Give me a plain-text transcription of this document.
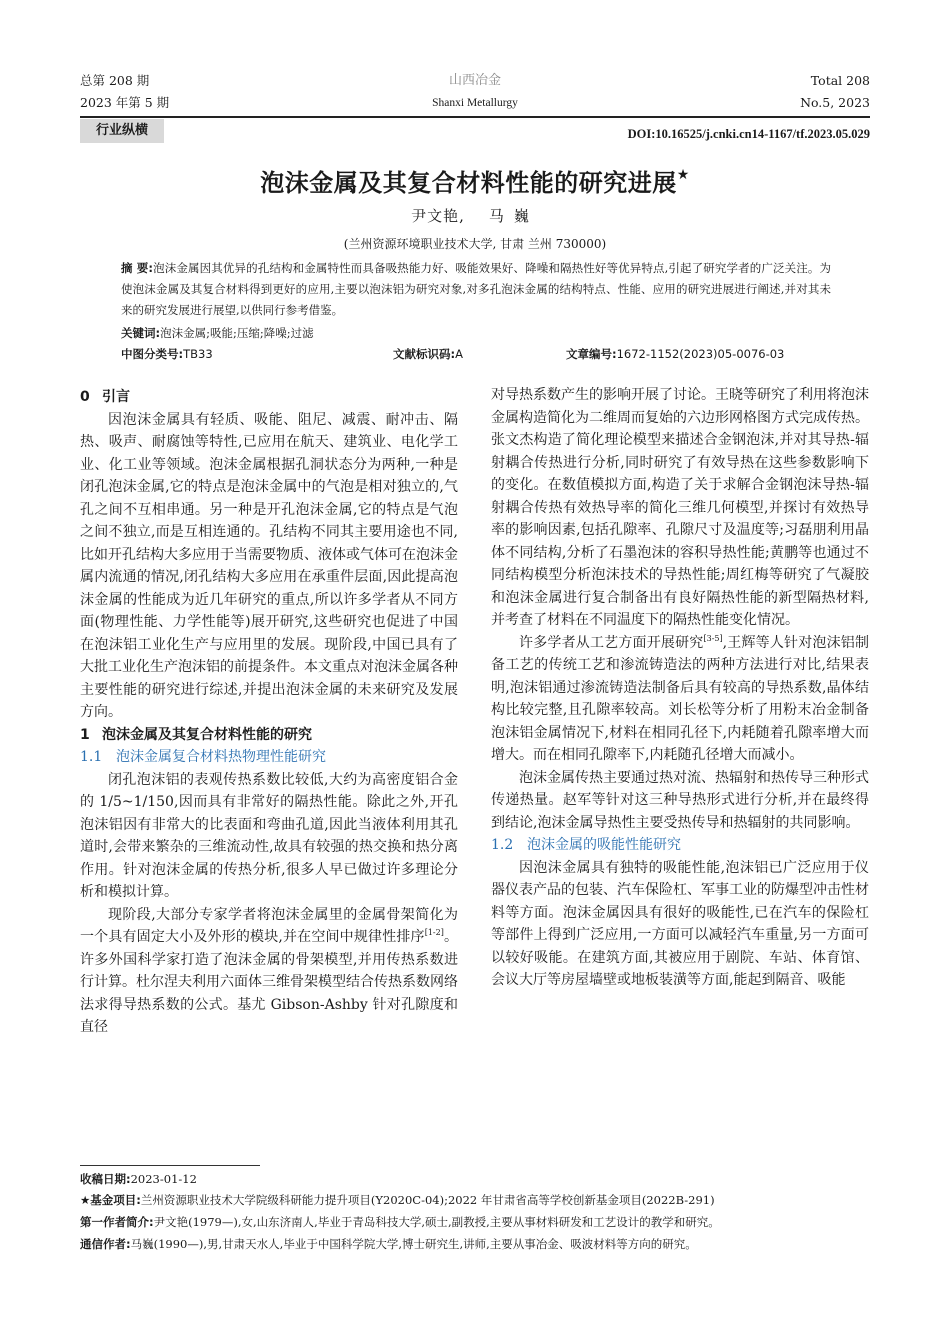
总第 208 期
2023 年第 5 期
山西冶金
Shanxi Metallurgy
Total 208
No.5, 2023
行业纵横	DOI:10.16525/j.cnki.cn14-1167/tf.2023.05.029
泡沫金属及其复合材料性能的研究进展★
尹文艳, 马巍
(兰州资源环境职业技术大学, 甘肃 兰州 730000)
摘 要:泡沫金属因其优异的孔结构和金属特性而具备吸热能力好、吸能效果好、降噪和隔热性好等优异特点,引起了研究学者的广泛关注。为使泡沫金属及其复合材料得到更好的应用,主要以泡沫铝为研究对象,对多孔泡沫金属的结构特点、性能、应用的研究进展进行阐述,并对其未来的研究发展进行展望,以供同行参考借鉴。
关键词:泡沫金属;吸能;压缩;降噪;过滤
中图分类号:TB33	文献标识码:A	文章编号:1672-1152(2023)05-0076-03
0 引言

因泡沫金属具有轻质、吸能、阻尼、减震、耐冲击、隔热、吸声、耐腐蚀等特性,已应用在航天、建筑业、电化学工业、化工业等领域。泡沫金属根据孔洞状态分为两种,一种是闭孔泡沫金属,它的特点是泡沫金属中的气泡是相对独立的,气孔之间不互相串通。另一种是开孔泡沫金属,它的特点是气泡之间不独立,而是互相连通的。孔结构不同其主要用途也不同,比如开孔结构大多应用于当需要物质、液体或气体可在泡沫金属内流通的情况,闭孔结构大多应用在承重件层面,因此提高泡沫金属的性能成为近几年研究的重点,所以许多学者从不同方面(物理性能、力学性能等)展开研究,这些研究也促进了中国在泡沫铝工业化生产与应用里的发展。现阶段,中国已具有了大批工业化生产泡沫铝的前提条件。本文重点对泡沫金属各种主要性能的研究进行综述,并提出泡沫金属的未来研究及发展方向。

1 泡沫金属及其复合材料性能的研究
1.1 泡沫金属复合材料热物理性能研究

闭孔泡沫铝的表观传热系数比较低,大约为高密度铝合金的 1/5~1/150,因而具有非常好的隔热性能。除此之外,开孔泡沫铝因有非常大的比表面和弯曲孔道,因此当液体利用其孔道时,会带来繁杂的三维流动性,故具有较强的热交换和热分离作用。针对泡沫金属的传热分析,很多人早已做过许多理论分析和模拟计算。

现阶段,大部分专家学者将泡沫金属里的金属骨架简化为一个具有固定大小及外形的模块,并在空间中规律性排序[1-2]。许多外国科学家打造了泡沫金属的骨架模型,并用传热系数进行计算。杜尔涅夫利用六面体三维骨架模型结合传热系数网络法求得导热系数的公式。基尤 Gibson-Ashby 针对孔隙度和直径

对导热系数产生的影响开展了讨论。王晓等研究了利用将泡沫金属构造简化为二维周而复始的六边形网格图方式完成传热。张文杰构造了简化理论模型来描述合金钢泡沫,并对其导热-辐射耦合传热进行分析,同时研究了有效导热在这些参数影响下的变化。在数值模拟方面,构造了关于求解合金钢泡沫导热-辐射耦合传热有效热导率的简化三维几何模型,并探讨有效热导率的影响因素,包括孔隙率、孔隙尺寸及温度等;习磊朋利用晶体不同结构,分析了石墨泡沫的容积导热性能;黄鹏等也通过不同结构模型分析泡沫技术的导热性能;周红梅等研究了气凝胶和泡沫金属进行复合制备出有良好隔热性能的新型隔热材料,并考查了材料在不同温度下的隔热性能变化情况。

许多学者从工艺方面开展研究[3-5],王辉等人针对泡沫铝制备工艺的传统工艺和渗流铸造法的两种方法进行对比,结果表明,泡沫铝通过渗流铸造法制备后具有较高的导热系数,晶体结构比较完整,且孔隙率较高。刘长松等分析了用粉末冶金制备泡沫铝金属情况下,材料在相同孔径下,内耗随着孔隙率增大而增大。而在相同孔隙率下,内耗随孔径增大而减小。

泡沫金属传热主要通过热对流、热辐射和热传导三种形式传递热量。赵军等针对这三种导热形式进行分析,并在最终得到结论,泡沫金属导热性主要受热传导和热辐射的共同影响。

1.2 泡沫金属的吸能性能研究

因泡沫金属具有独特的吸能性能,泡沫铝已广泛应用于仪器仪表产品的包装、汽车保险杠、军事工业的防爆型冲击性材料等方面。泡沫金属因具有很好的吸能性,已在汽车的保险杠等部件上得到广泛应用,一方面可以减轻汽车重量,另一方面可以较好吸能。在建筑方面,其被应用于剧院、车站、体育馆、会议大厅等房屋墙壁或地板装潢等方面,能起到隔音、吸能

收稿日期:2023-01-12
★基金项目:兰州资源职业技术大学院级科研能力提升项目(Y2020C-04);2022 年甘肃省高等学校创新基金项目(2022B-291)
第一作者简介:尹文艳(1979—),女,山东济南人,毕业于青岛科技大学,硕士,副教授,主要从事材料研发和工艺设计的教学和研究。
通信作者:马巍(1990—),男,甘肃天水人,毕业于中国科学院大学,博士研究生,讲师,主要从事冶金、吸波材料等方向的研究。
